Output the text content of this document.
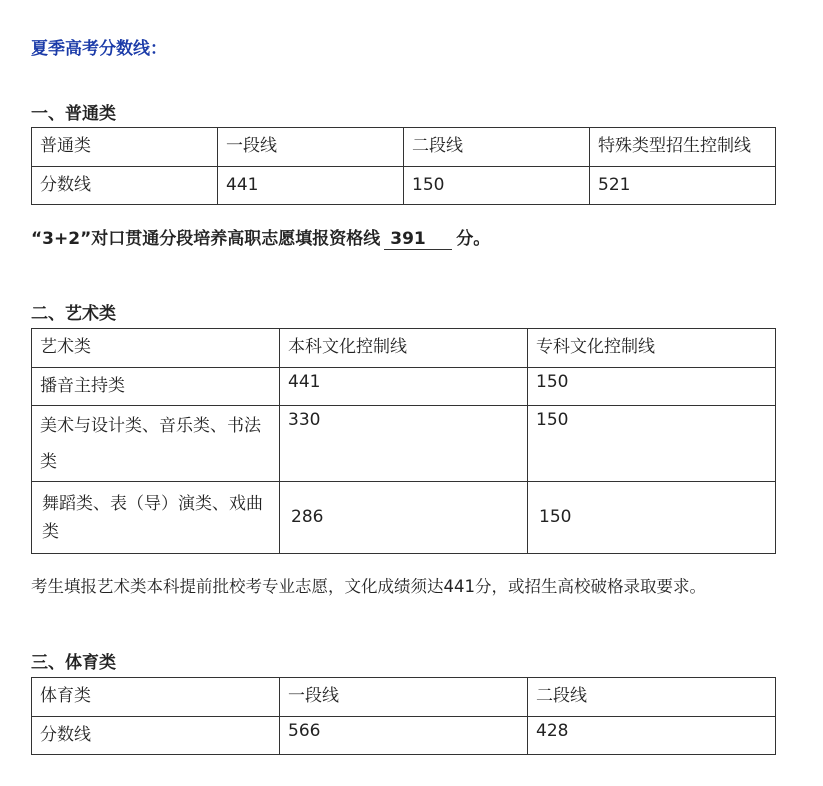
夏季高考分数线：
一、普通类
普通类	一段线	二段线	特殊类型招生控制线
分数线	441	150	521
“3+2”对口贯通分段培养高职志愿填报资格线 391 分。
二、艺术类
艺术类	本科文化控制线	专科文化控制线
播音主持类	441	150
美术与设计类、音乐类、书法类	330	150
舞蹈类、表（导）演类、戏曲类	286	150
考生填报艺术类本科提前批校考专业志愿，文化成绩须达441分，或招生高校破格录取要求。
三、体育类
体育类	一段线	二段线
分数线	566	428
